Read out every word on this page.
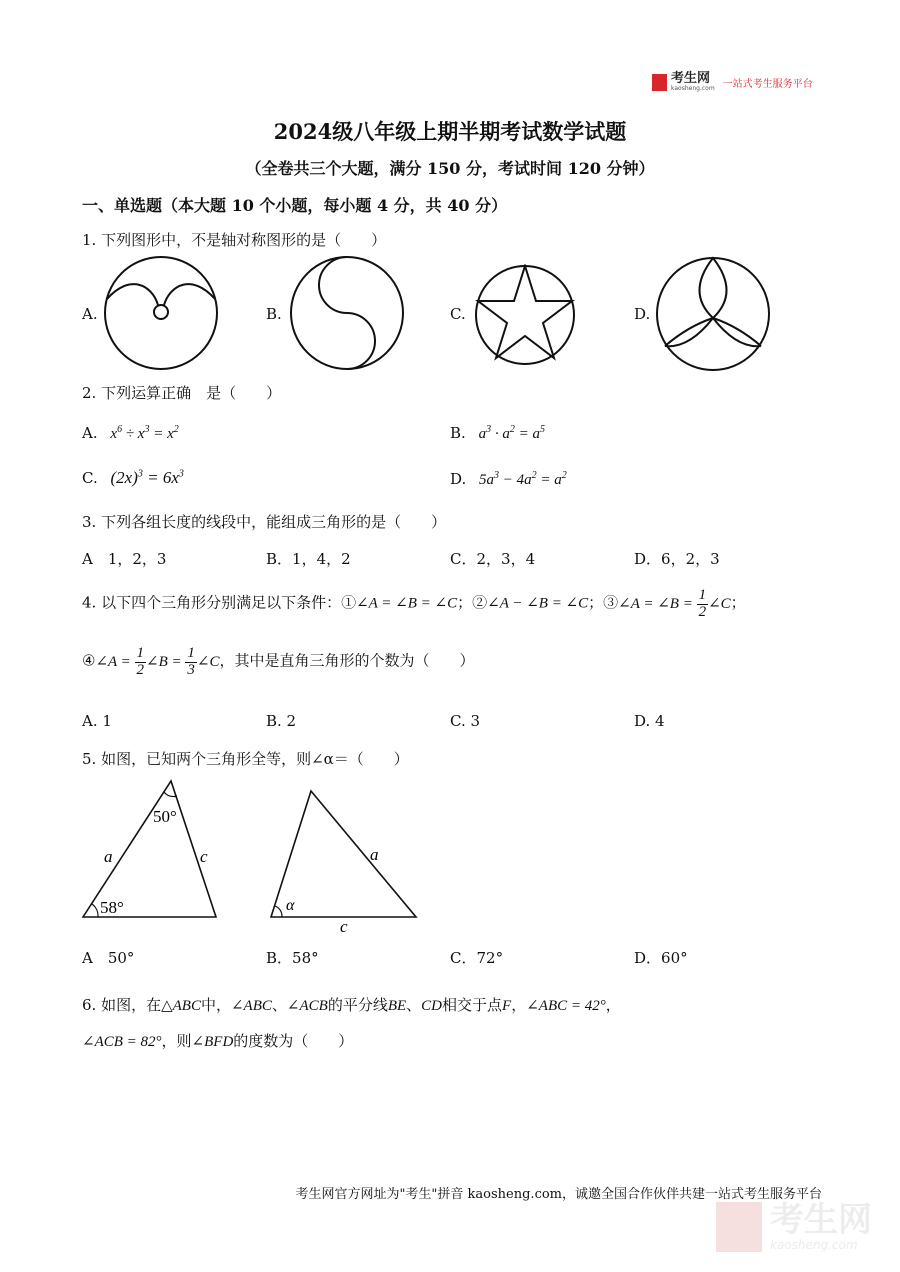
考生网
kaosheng.com 一站式考生服务平台
2024级八年级上期半期考试数学试题
（全卷共三个大题，满分 150 分，考试时间 120 分钟）
一、单选题（本大题 10 个小题，每小题 4 分，共 40 分）
1. 下列图形中，不是轴对称图形的是（　　）
A.	B.	C.	D.
2. 下列运算正确　是（　　）
A. $x^6 \div x^3 = x^2$	B. $a^3 \cdot a^2 = a^5$
C. $(2x)^3 = 6x^3$	D. $5a^3 - 4a^2 = a^2$
3. 下列各组长度的线段中，能组成三角形的是（　　）
A　1，2，3	B．1，4，2	C．2，3，4	D．6，2，3
4. 以下四个三角形分别满足以下条件：①∠A = ∠B = ∠C；②∠A − ∠B = ∠C；③∠A = ∠B = $\frac{1}{2}$ ∠C；
④∠A = $\frac{1}{2}$ ∠B = $\frac{1}{3}$ ∠C，其中是直角三角形的个数为（　　）
A. 1	B. 2	C. 3	D. 4
5. 如图，已知两个三角形全等，则∠α＝（　　）
50°
58°
a	c
α
a
c
A　50°	B．58°	C．72°	D．60°
6. 如图，在△ABC中，∠ABC、∠ACB的平分线BE、CD相交于点F，∠ABC = 42°，
∠ACB = 82°，则∠BFD的度数为（　　）
考生网官方网址为"考生"拼音 kaosheng.com，诚邀全国合作伙伴共建一站式考生服务平台
考生网
kaosheng.com
